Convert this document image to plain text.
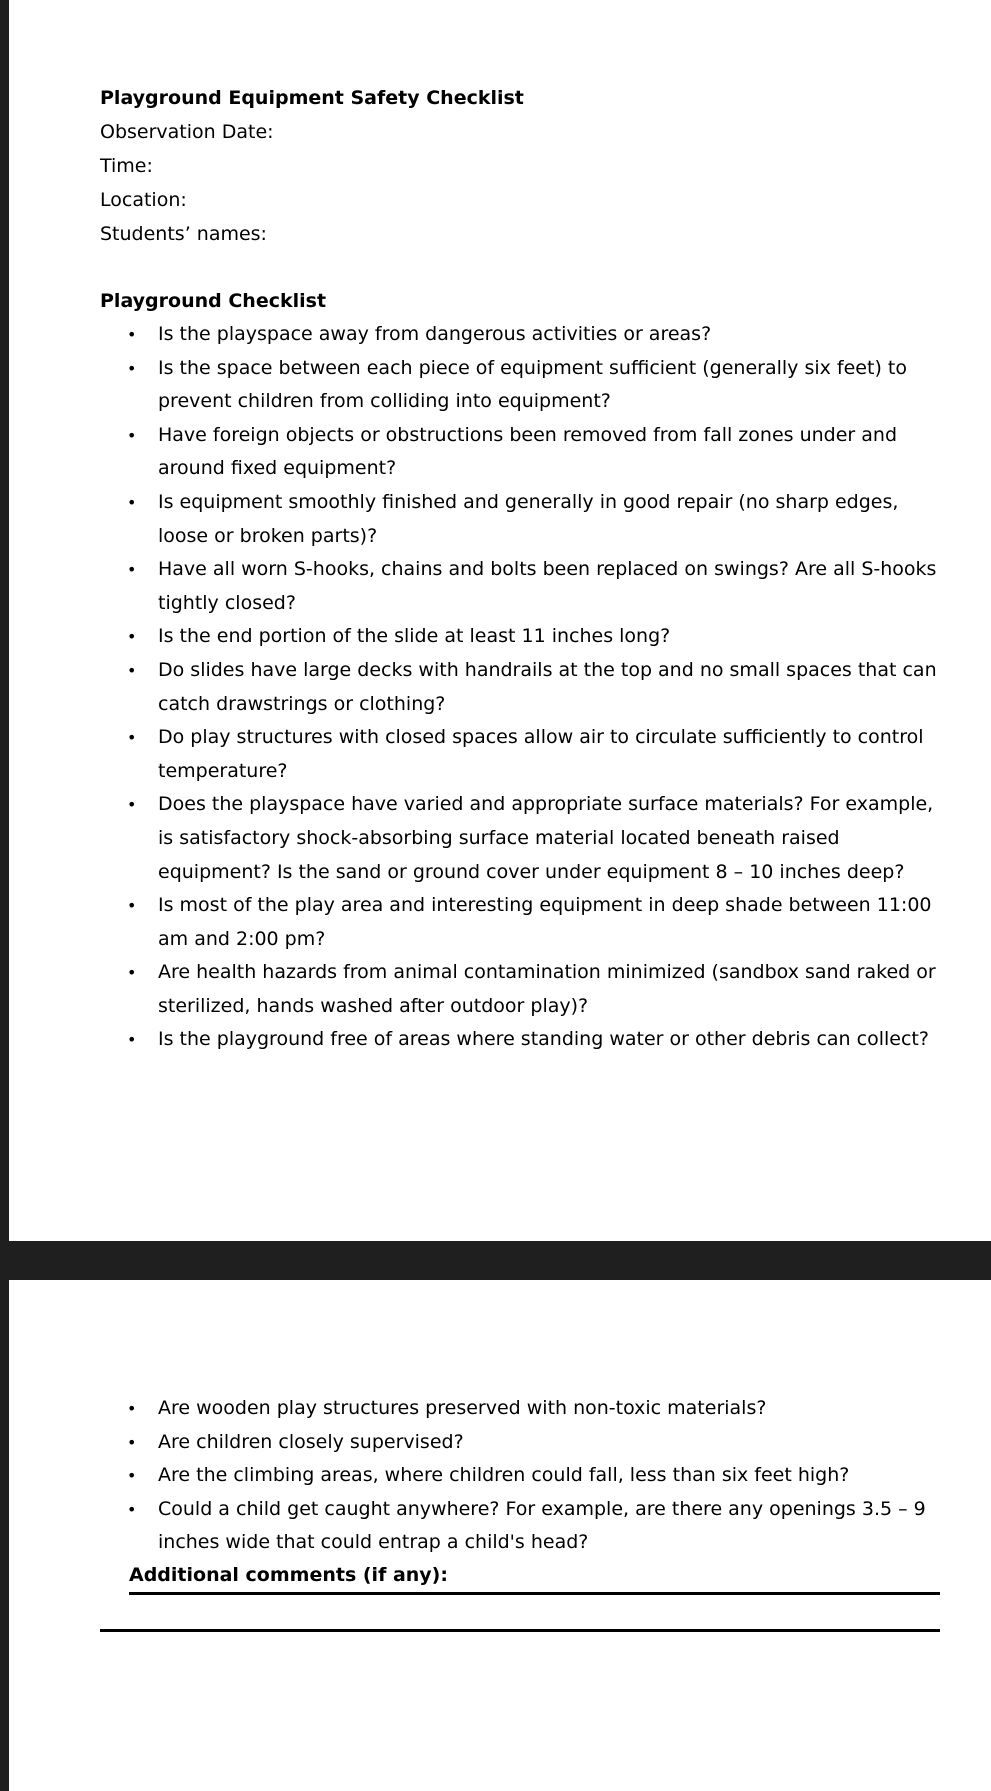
Playground Equipment Safety Checklist

Observation Date:

Time:

Location:

Students’ names:

Playground Checklist

• Is the playspace away from dangerous activities or areas?
• Is the space between each piece of equipment sufficient (generally six feet) to prevent children from colliding into equipment?
• Have foreign objects or obstructions been removed from fall zones under and around fixed equipment?
• Is equipment smoothly finished and generally in good repair (no sharp edges, loose or broken parts)?
• Have all worn S-hooks, chains and bolts been replaced on swings? Are all S-hooks tightly closed?
• Is the end portion of the slide at least 11 inches long?
• Do slides have large decks with handrails at the top and no small spaces that can catch drawstrings or clothing?
• Do play structures with closed spaces allow air to circulate sufficiently to control temperature?
• Does the playspace have varied and appropriate surface materials? For example, is satisfactory shock-absorbing surface material located beneath raised equipment? Is the sand or ground cover under equipment 8 – 10 inches deep?
• Is most of the play area and interesting equipment in deep shade between 11:00 am and 2:00 pm?
• Are health hazards from animal contamination minimized (sandbox sand raked or sterilized, hands washed after outdoor play)?
• Is the playground free of areas where standing water or other debris can collect?
• Are wooden play structures preserved with non-toxic materials?
• Are children closely supervised?
• Are the climbing areas, where children could fall, less than six feet high?
• Could a child get caught anywhere? For example, are there any openings 3.5 – 9 inches wide that could entrap a child's head?

Additional comments (if any):
